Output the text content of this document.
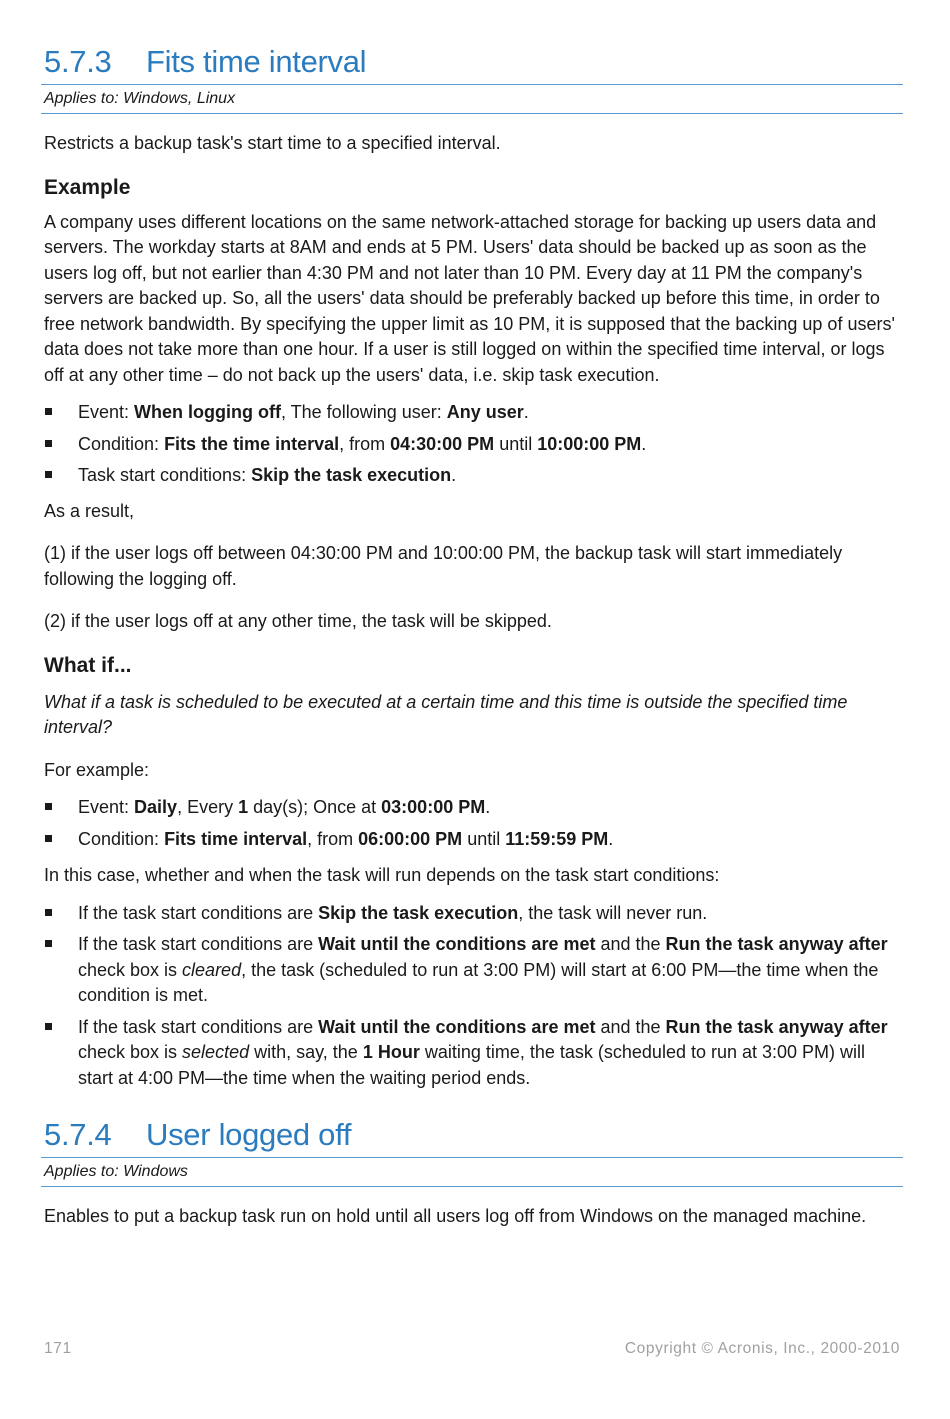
5.7.3 Fits time interval
Applies to: Windows, Linux

Restricts a backup task's start time to a specified interval.

Example

A company uses different locations on the same network-attached storage for backing up users data and servers. The workday starts at 8AM and ends at 5 PM. Users' data should be backed up as soon as the users log off, but not earlier than 4:30 PM and not later than 10 PM. Every day at 11 PM the company's servers are backed up. So, all the users' data should be preferably backed up before this time, in order to free network bandwidth. By specifying the upper limit as 10 PM, it is supposed that the backing up of users' data does not take more than one hour. If a user is still logged on within the specified time interval, or logs off at any other time – do not back up the users' data, i.e. skip task execution.

Event: When logging off, The following user: Any user.
Condition: Fits the time interval, from 04:30:00 PM until 10:00:00 PM.
Task start conditions: Skip the task execution.

As a result,

(1) if the user logs off between 04:30:00 PM and 10:00:00 PM, the backup task will start immediately following the logging off.

(2) if the user logs off at any other time, the task will be skipped.

What if...

What if a task is scheduled to be executed at a certain time and this time is outside the specified time interval?

For example:

Event: Daily, Every 1 day(s); Once at 03:00:00 PM.
Condition: Fits time interval, from 06:00:00 PM until 11:59:59 PM.

In this case, whether and when the task will run depends on the task start conditions:

If the task start conditions are Skip the task execution, the task will never run.
If the task start conditions are Wait until the conditions are met and the Run the task anyway after check box is cleared, the task (scheduled to run at 3:00 PM) will start at 6:00 PM—the time when the condition is met.
If the task start conditions are Wait until the conditions are met and the Run the task anyway after check box is selected with, say, the 1 Hour waiting time, the task (scheduled to run at 3:00 PM) will start at 4:00 PM—the time when the waiting period ends.
5.7.4 User logged off
Applies to: Windows

Enables to put a backup task run on hold until all users log off from Windows on the managed machine.

171	Copyright © Acronis, Inc., 2000-2010
